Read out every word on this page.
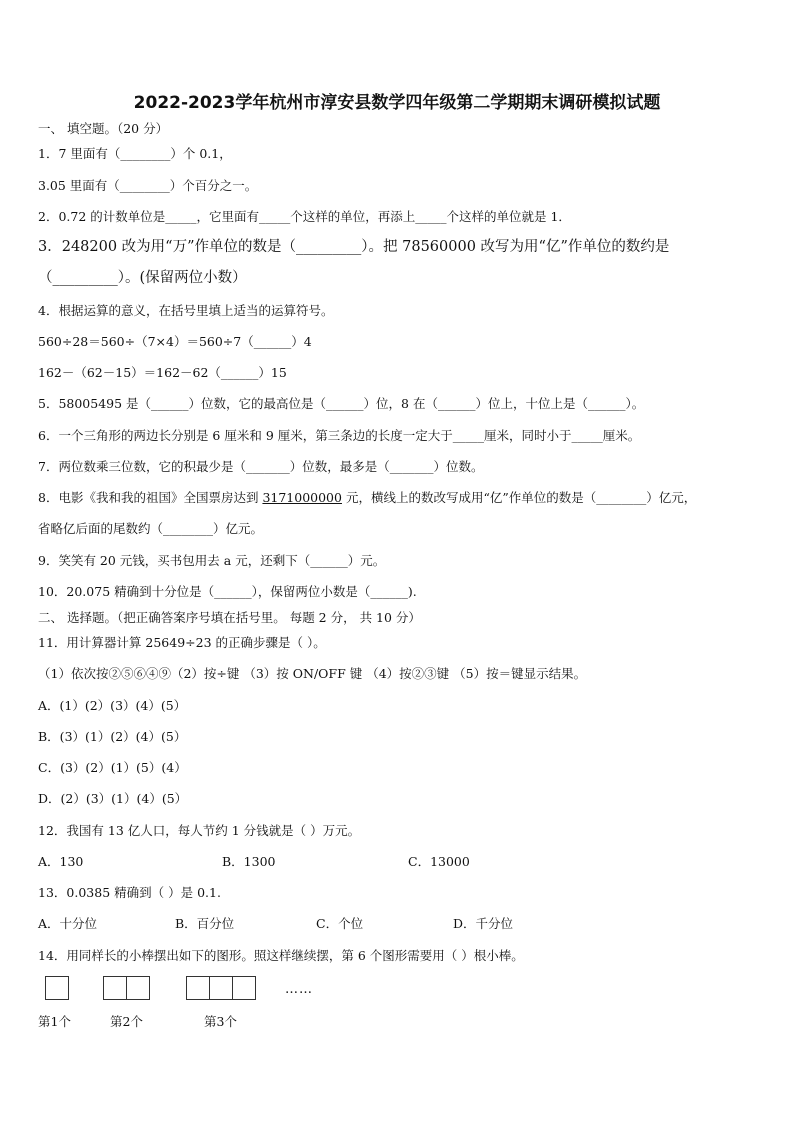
2022-2023学年杭州市淳安县数学四年级第二学期期末调研模拟试题
一、 填空题。（20 分）
1．7 里面有（________）个 0.1，
3.05 里面有（________）个百分之一。
2．0.72 的计数单位是_____，它里面有_____个这样的单位，再添上_____个这样的单位就是 1．
3．248200 改为用“万”作单位的数是（_________）。把 78560000 改写为用“亿”作单位的数约是
（_________）。(保留两位小数）
4．根据运算的意义，在括号里填上适当的运算符号。
560÷28＝560÷（7×4）＝560÷7（______）4
162－（62－15）＝162－62（______）15
5．58005495 是（______）位数，它的最高位是（______）位，8 在（______）位上，十位上是（______）。
6．一个三角形的两边长分别是 6 厘米和 9 厘米，第三条边的长度一定大于_____厘米，同时小于_____厘米。
7．两位数乘三位数，它的积最少是（_______）位数，最多是（_______）位数。
8．电影《我和我的祖国》全国票房达到 3171000000 元，横线上的数改写成用“亿”作单位的数是（________）亿元，
省略亿后面的尾数约（________）亿元。
9．笑笑有 20 元钱，买书包用去 a 元，还剩下（______）元。
10．20.075 精确到十分位是（______），保留两位小数是（______).
二、 选择题。（把正确答案序号填在括号里。 每题 2 分， 共 10 分）
11．用计算器计算 25649÷23 的正确步骤是（ ）。
（1）依次按②⑤⑥④⑨（2）按÷键 （3）按 ON/OFF 键 （4）按②③键 （5）按＝键显示结果。
A．(1）(2）(3）(4）(5）
B．(3）(1）(2）(4）(5）
C．(3）(2）(1）(5）(4）
D．(2）(3）(1）(4）(5）
12．我国有 13 亿人口，每人节约 1 分钱就是（ ）万元。
A．130	B．1300	C．13000
13．0.0385 精确到（ ）是 0.1.
A．十分位	B．百分位	C．个位	D．千分位
14．用同样长的小棒摆出如下的图形。照这样继续摆，第 6 个图形需要用（ ）根小棒。
……
第1个	第2个	第3个
